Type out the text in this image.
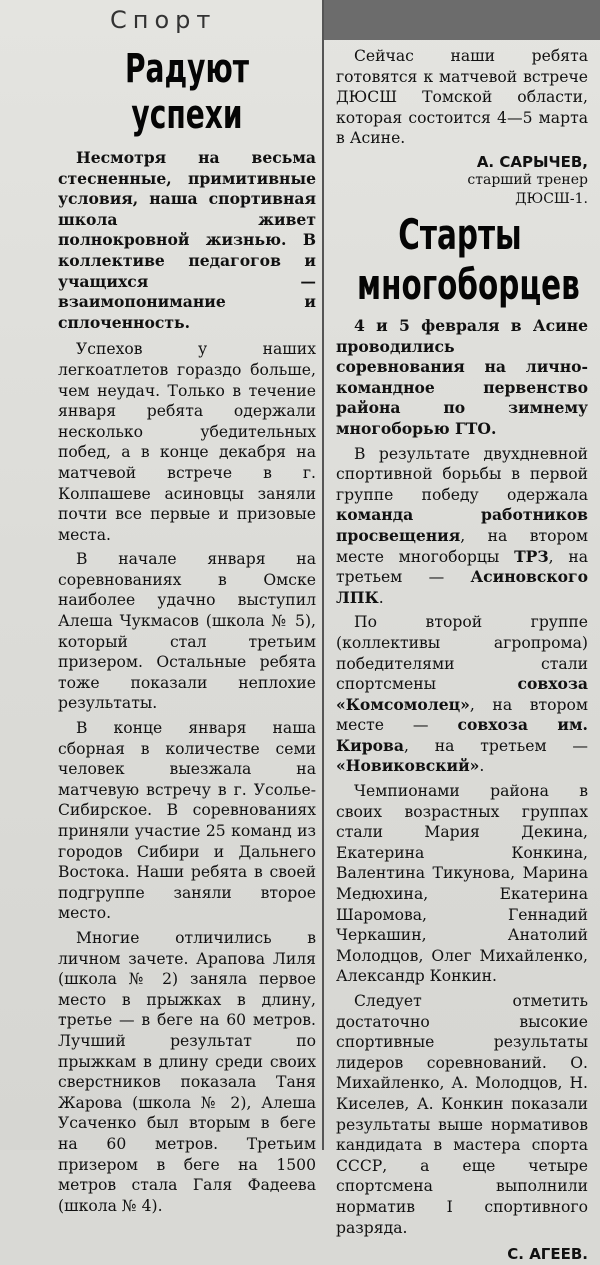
Спорт
Радуют
успехи

Несмотря на весьма стесненные, примитивные условия, наша спортивная школа живет полнокровной жизнью. В коллективе педагогов и учащихся — взаимопонимание и сплоченность.

Успехов у наших легкоатлетов гораздо больше, чем неудач. Только в течение января ребята одержали несколько убедительных побед, а в конце декабря на матчевой встрече в г. Колпашеве асиновцы заняли почти все первые и призовые места.

В начале января на соревнованиях в Омске наиболее удачно выступил Алеша Чукмасов (школа № 5), который стал третьим призером. Остальные ребята тоже показали неплохие результаты.

В конце января наша сборная в количестве семи человек выезжала на матчевую встречу в г. Усолье-Сибирское. В соревнованиях приняли участие 25 команд из городов Сибири и Дальнего Востока. Наши ребята в своей подгруппе заняли второе место.

Многие отличились в личном зачете. Арапова Лиля (школа № 2) заняла первое место в прыжках в длину, третье — в беге на 60 метров. Лучший результат по прыжкам в длину среди своих сверстников показала Таня Жарова (школа № 2), Алеша Усаченко был вторым в беге на 60 метров. Третьим призером в беге на 1500 метров стала Галя Фадеева (школа № 4).

Сейчас наши ребята готовятся к матчевой встрече ДЮСШ Томской области, которая состоится 4—5 марта в Асине.

А. САРЫЧЕВ,
старший тренер
ДЮСШ-1.
Старты
многоборцев

4 и 5 февраля в Асине проводились соревнования на лично-командное первенство района по зимнему многоборью ГТО.

В результате двухдневной спортивной борьбы в первой группе победу одержала команда работников просвещения, на втором месте многоборцы ТРЗ, на третьем — Асиновского ЛПК.

По второй группе (коллективы агропрома) победителями стали спортсмены совхоза «Комсомолец», на втором месте — совхоза им. Кирова, на третьем — «Новиковский».

Чемпионами района в своих возрастных группах стали Мария Декина, Екатерина Конкина, Валентина Тикунова, Марина Медюхина, Екатерина Шаромова, Геннадий Черкашин, Анатолий Молодцов, Олег Михайленко, Александр Конкин.

Следует отметить достаточно высокие спортивные результаты лидеров соревнований. О. Михайленко, А. Молодцов, Н. Киселев, А. Конкин показали результаты выше нормативов кандидата в мастера спорта СССР, а еще четыре спортсмена выполнили норматив I спортивного разряда.

С. АГЕЕВ.
